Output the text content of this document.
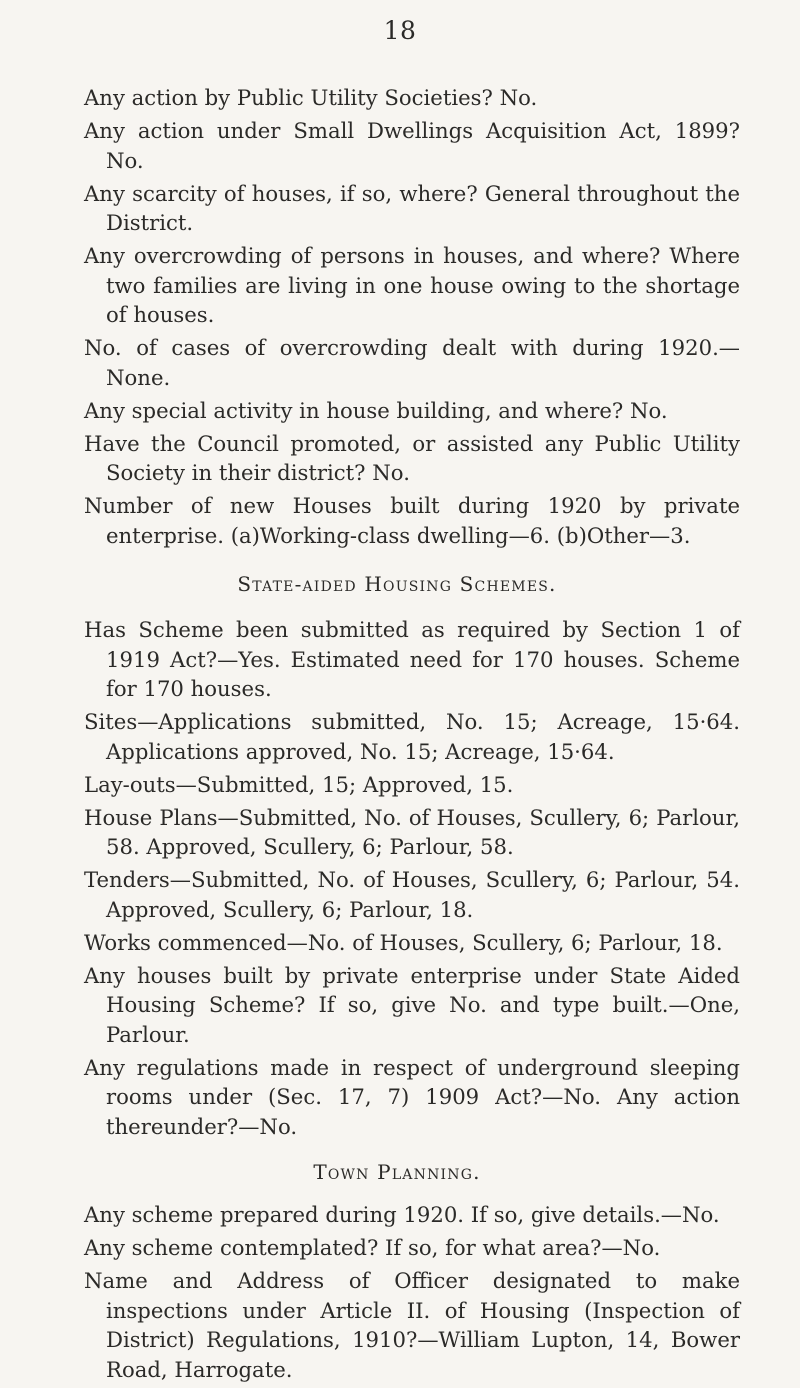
18

Any action by Public Utility Societies? No.

Any action under Small Dwellings Acquisition Act, 1899? No.

Any scarcity of houses, if so, where? General throughout the District.

Any overcrowding of persons in houses, and where? Where two families are living in one house owing to the shortage of houses.

No. of cases of overcrowding dealt with during 1920.—None.

Any special activity in house building, and where? No.

Have the Council promoted, or assisted any Public Utility Society in their district? No.

Number of new Houses built during 1920 by private enterprise. (a)Working-class dwelling—6. (b)Other—3.

State-aided Housing Schemes.

Has Scheme been submitted as required by Section 1 of 1919 Act?—Yes. Estimated need for 170 houses. Scheme for 170 houses.

Sites—Applications submitted, No. 15; Acreage, 15·64. Applications approved, No. 15; Acreage, 15·64.

Lay-outs—Submitted, 15; Approved, 15.

House Plans—Submitted, No. of Houses, Scullery, 6; Parlour, 58. Approved, Scullery, 6; Parlour, 58.

Tenders—Submitted, No. of Houses, Scullery, 6; Parlour, 54. Approved, Scullery, 6; Parlour, 18.

Works commenced—No. of Houses, Scullery, 6; Parlour, 18.

Any houses built by private enterprise under State Aided Housing Scheme? If so, give No. and type built.—One, Parlour.

Any regulations made in respect of underground sleeping rooms under (Sec. 17, 7) 1909 Act?—No. Any action thereunder?—No.

Town Planning.

Any scheme prepared during 1920. If so, give details.—No.

Any scheme contemplated? If so, for what area?—No.

Name and Address of Officer designated to make inspections under Article II. of Housing (Inspection of District) Regulations, 1910?—William Lupton, 14, Bower Road, Harrogate.
